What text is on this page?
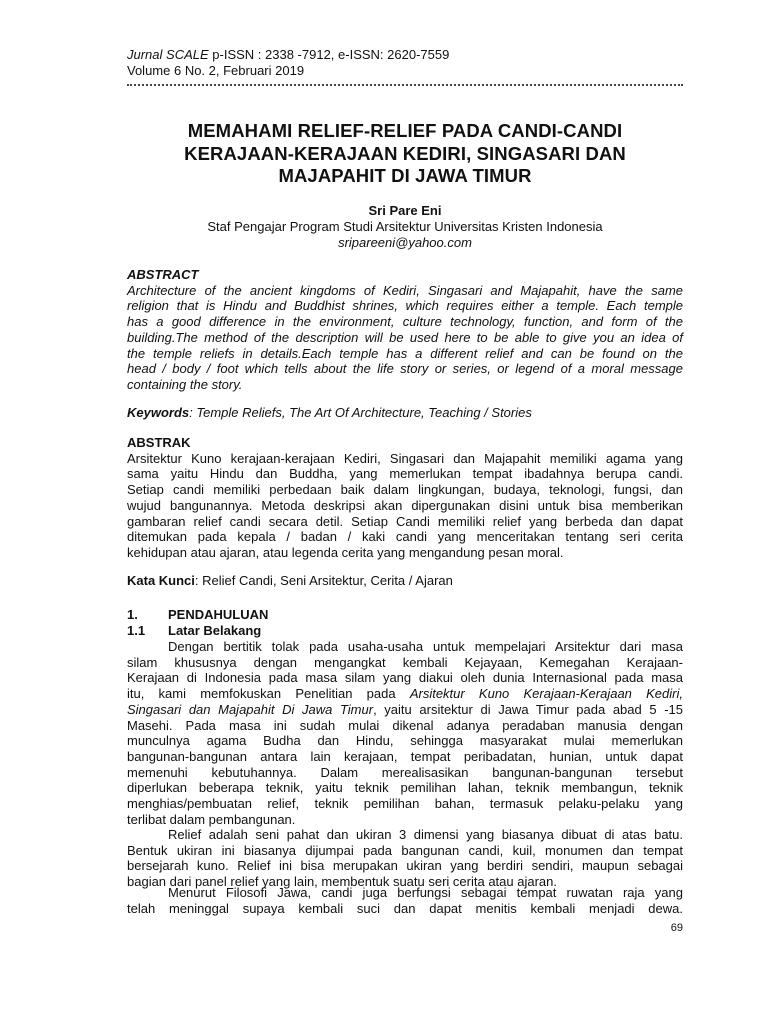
Jurnal SCALE p-ISSN : 2338 -7912, e-ISSN: 2620-7559
Volume 6 No. 2, Februari 2019
MEMAHAMI RELIEF-RELIEF PADA CANDI-CANDI
KERAJAAN-KERAJAAN KEDIRI, SINGASARI DAN
MAJAPAHIT DI JAWA TIMUR
Sri Pare Eni
Staf Pengajar Program Studi Arsitektur Universitas Kristen Indonesia
sripareeni@yahoo.com
ABSTRACT
Architecture of the ancient kingdoms of Kediri, Singasari and Majapahit, have the same
religion that is Hindu and Buddhist shrines, which requires either a temple. Each temple
has a good difference in the environment, culture technology, function, and form of the
building.The method of the description will be used here to be able to give you an idea of
the temple reliefs in details.Each temple has a different relief and can be found on the
head / body / foot which tells about the life story or series, or legend of a moral message
containing the story.
Keywords: Temple Reliefs, The Art Of Architecture, Teaching / Stories
ABSTRAK
Arsitektur Kuno kerajaan-kerajaan Kediri, Singasari dan Majapahit memiliki agama yang
sama yaitu Hindu dan Buddha, yang memerlukan tempat ibadahnya berupa candi.
Setiap candi memiliki perbedaan baik dalam lingkungan, budaya, teknologi, fungsi, dan
wujud bangunannya. Metoda deskripsi akan dipergunakan disini untuk bisa memberikan
gambaran relief candi secara detil. Setiap Candi memiliki relief yang berbeda dan dapat
ditemukan pada kepala / badan / kaki candi yang menceritakan tentang seri cerita
kehidupan atau ajaran, atau legenda cerita yang mengandung pesan moral.
Kata Kunci: Relief Candi, Seni Arsitektur, Cerita / Ajaran
1.	PENDAHULUAN
1.1	Latar Belakang
Dengan bertitik tolak pada usaha-usaha untuk mempelajari Arsitektur dari masa
silam khususnya dengan mengangkat kembali Kejayaan, Kemegahan Kerajaan-
Kerajaan di Indonesia pada masa silam yang diakui oleh dunia Internasional pada masa
itu, kami memfokuskan Penelitian pada Arsitektur Kuno Kerajaan-Kerajaan Kediri,
Singasari dan Majapahit Di Jawa Timur, yaitu arsitektur di Jawa Timur pada abad 5 -15
Masehi. Pada masa ini sudah mulai dikenal adanya peradaban manusia dengan
munculnya agama Budha dan Hindu, sehingga masyarakat mulai memerlukan
bangunan-bangunan antara lain kerajaan, tempat peribadatan, hunian, untuk dapat
memenuhi kebutuhannya. Dalam merealisasikan bangunan-bangunan tersebut
diperlukan beberapa teknik, yaitu teknik pemilihan lahan, teknik membangun, teknik
menghias/pembuatan relief, teknik pemilihan bahan, termasuk pelaku-pelaku yang
terlibat dalam pembangunan.
Relief adalah seni pahat dan ukiran 3 dimensi yang biasanya dibuat di atas batu.
Bentuk ukiran ini biasanya dijumpai pada bangunan candi, kuil, monumen dan tempat
bersejarah kuno. Relief ini bisa merupakan ukiran yang berdiri sendiri, maupun sebagai
bagian dari panel relief yang lain, membentuk suatu seri cerita atau ajaran.
Menurut Filosofi Jawa, candi juga berfungsi sebagai tempat ruwatan raja yang
telah meninggal supaya kembali suci dan dapat menitis kembali menjadi dewa.
69
